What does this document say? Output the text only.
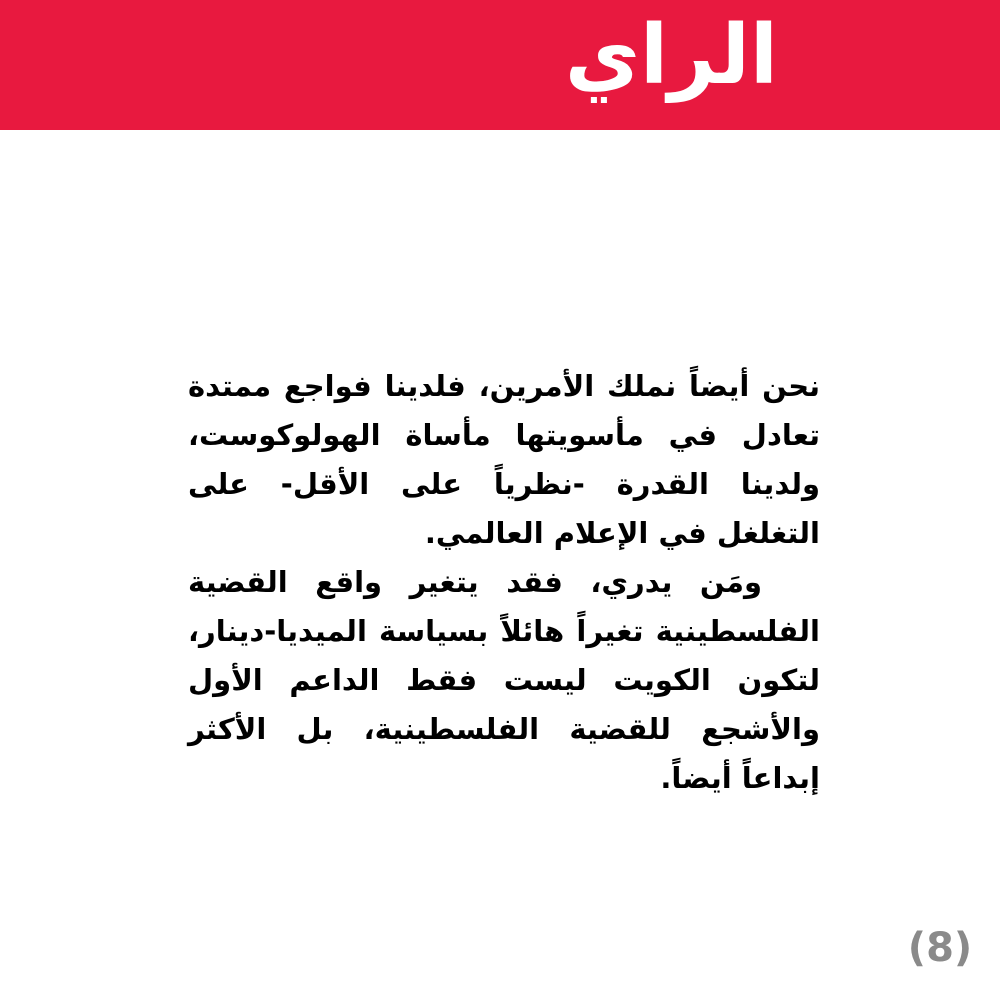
الراي

نحن أيضاً نملك الأمرين، فلدينا فواجع ممتدة تعادل في مأسويتها مأساة الهولوكوست، ولدينا القدرة -نظرياً على الأقل- على التغلغل في الإعلام العالمي.

ومَن يدري، فقد يتغير واقع القضية الفلسطينية تغيراً هائلاً بسياسة الميديا-دينار، لتكون الكويت ليست فقط الداعم الأول والأشجع للقضية الفلسطينية، بل الأكثر إبداعاً أيضاً.

(8)
